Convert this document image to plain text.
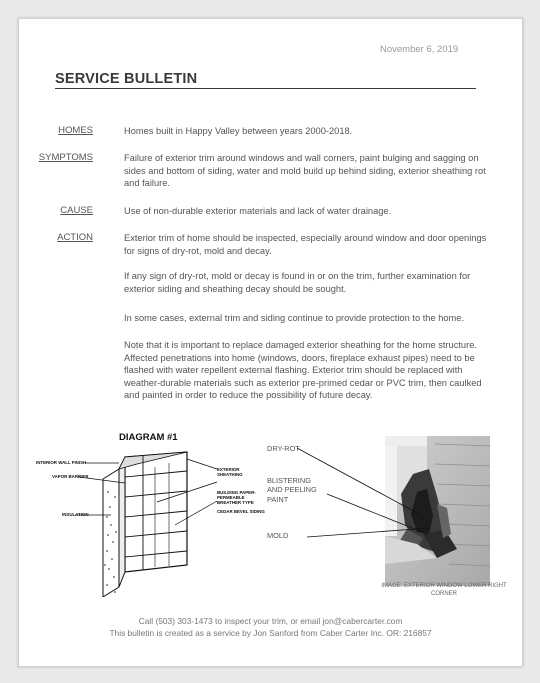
November 6, 2019
SERVICE BULLETIN
HOMES	Homes built in Happy Valley between years 2000-2018.
SYMPTOMS	Failure of exterior trim around windows and wall corners, paint bulging and sagging on sides and bottom of siding, water and mold build up behind siding, exterior sheathing rot and failure.
CAUSE	Use of non-durable exterior materials and lack of water drainage.
ACTION	Exterior trim of home should be inspected, especially around window and door openings for signs of dry-rot, mold and decay.
If any sign of dry-rot, mold or decay is found in or on the trim, further examination for exterior siding and sheathing decay should be sought.
In some cases, external trim and siding continue to provide protection to the home.
Note that it is important to replace damaged exterior sheathing for the home structure. Affected penetrations into home (windows, doors, fireplace exhaust pipes) need to be flashed with water repellent external flashing. Exterior trim should be replaced with weather-durable materials such as exterior pre-primed cedar or PVC trim, then caulked and painted in order to reduce the possibility of future decay.
DIAGRAM #1
INTERIOR WALL FINISH
VAPOR BARRIER
INSULATION
EXTERIOR SHEATHING
BUILDING PAPER- PERMEABLE BREATHER TYPE
CEDAR BEVEL SIDING
DRY-ROT
BLISTERING AND PEELING PAINT
MOLD
IMAGE: EXTERIOR WINDOW LOWER RIGHT CORNER
Call (503) 303-1473 to inspect your trim, or email jon@cabercarter.com
This bulletin is created as a service by Jon Sanford from Caber Carter Inc. OR: 216857
